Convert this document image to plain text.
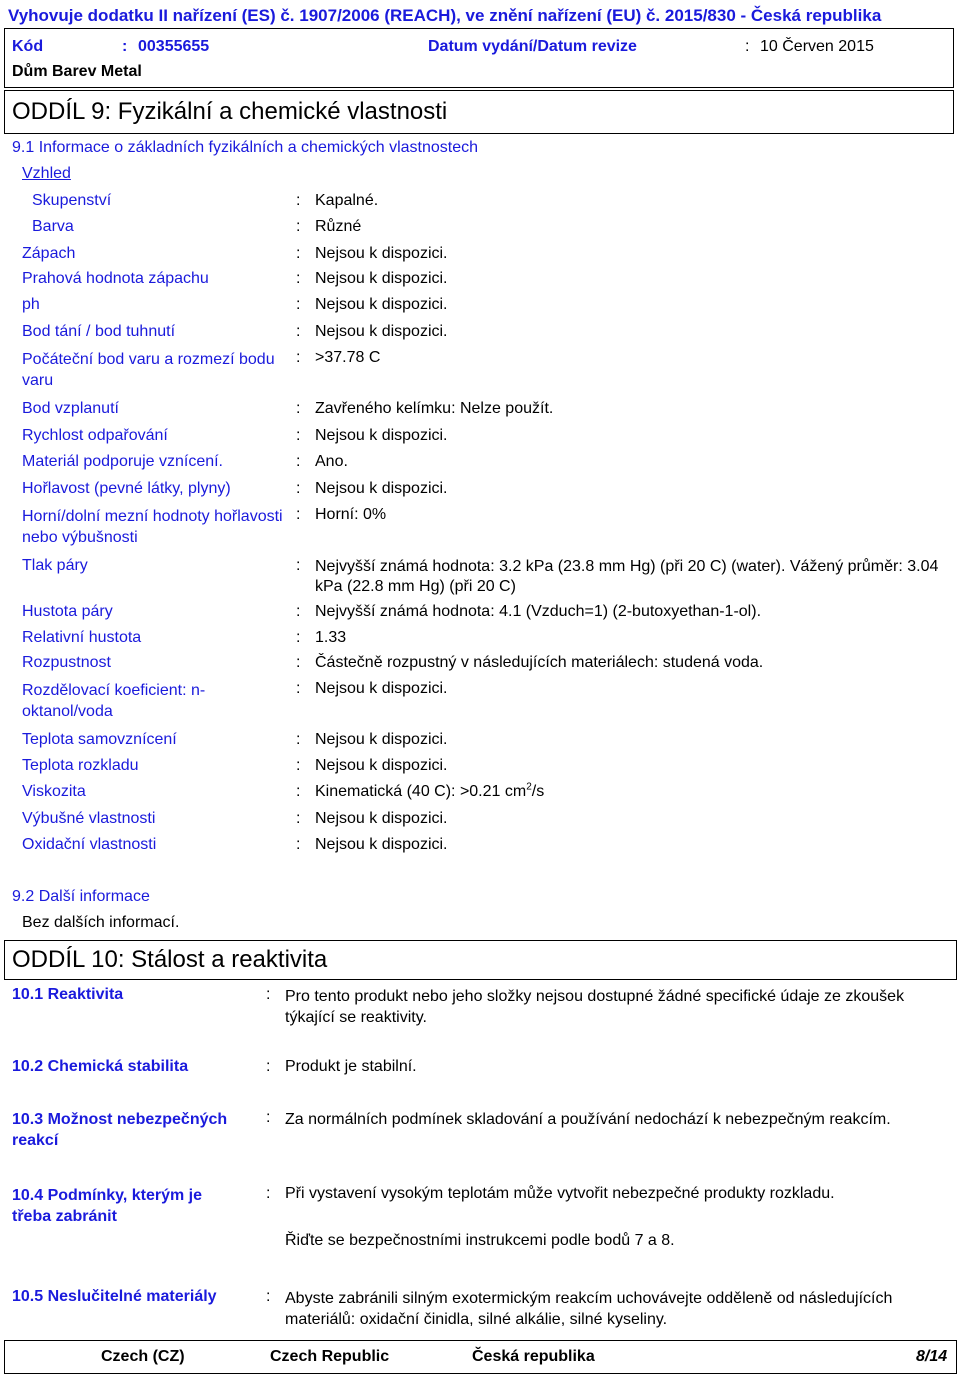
Vyhovuje dodatku II nařízení (ES) č. 1907/2006 (REACH), ve znění nařízení (EU) č. 2015/830 - Česká republika
Kód	: 00355655	Datum vydání/Datum revize	: 10 Červen 2015
Dům Barev Metal
ODDÍL 9: Fyzikální a chemické vlastnosti
9.1 Informace o základních fyzikálních a chemických vlastnostech
Vzhled
Skupenství	: Kapalné.
Barva	: Různé
Zápach	: Nejsou k dispozici.
Prahová hodnota zápachu	: Nejsou k dispozici.
ph	: Nejsou k dispozici.
Bod tání / bod tuhnutí	: Nejsou k dispozici.
Počáteční bod varu a rozmezí bodu varu
: >37.78 C
Bod vzplanutí	: Zavřeného kelímku: Nelze použít.
Rychlost odpařování	: Nejsou k dispozici.
Materiál podporuje vznícení.	: Ano.
Hořlavost (pevné látky, plyny)	: Nejsou k dispozici.
Horní/dolní mezní hodnoty hořlavosti nebo výbušnosti
: Horní: 0%
Tlak páry	: Nejvyšší známá hodnota: 3.2 kPa (23.8 mm Hg) (při 20 C) (water). Vážený průměr: 3.04 kPa (22.8 mm Hg) (při 20 C)
Hustota páry	: Nejvyšší známá hodnota: 4.1 (Vzduch=1) (2-butoxyethan-1-ol).
Relativní hustota	: 1.33
Rozpustnost	: Částečně rozpustný v následujících materiálech: studená voda.
Rozdělovací koeficient: n-oktanol/voda
: Nejsou k dispozici.
Teplota samovznícení	: Nejsou k dispozici.
Teplota rozkladu	: Nejsou k dispozici.
Viskozita	: Kinematická (40 C): >0.21 $cm^2/s$
Výbušné vlastnosti	: Nejsou k dispozici.
Oxidační vlastnosti	: Nejsou k dispozici.
9.2 Další informace
Bez dalších informací.
ODDÍL 10: Stálost a reaktivita
10.1 Reaktivita	: Pro tento produkt nebo jeho složky nejsou dostupné žádné specifické údaje ze zkoušek týkající se reaktivity.
10.2 Chemická stabilita	: Produkt je stabilní.
10.3 Možnost nebezpečných reakcí
: Za normálních podmínek skladování a používání nedochází k nebezpečným reakcím.
10.4 Podmínky, kterým je třeba zabránit
: Při vystavení vysokým teplotám může vytvořit nebezpečné produkty rozkladu.
Řiďte se bezpečnostními instrukcemi podle bodů 7 a 8.
10.5 Neslučitelné materiály	: Abyste zabránili silným exotermickým reakcím uchovávejte odděleně od následujících materiálů: oxidační činidla, silné alkálie, silné kyseliny.
Czech (CZ)	Czech Republic	Česká republika	8/14
